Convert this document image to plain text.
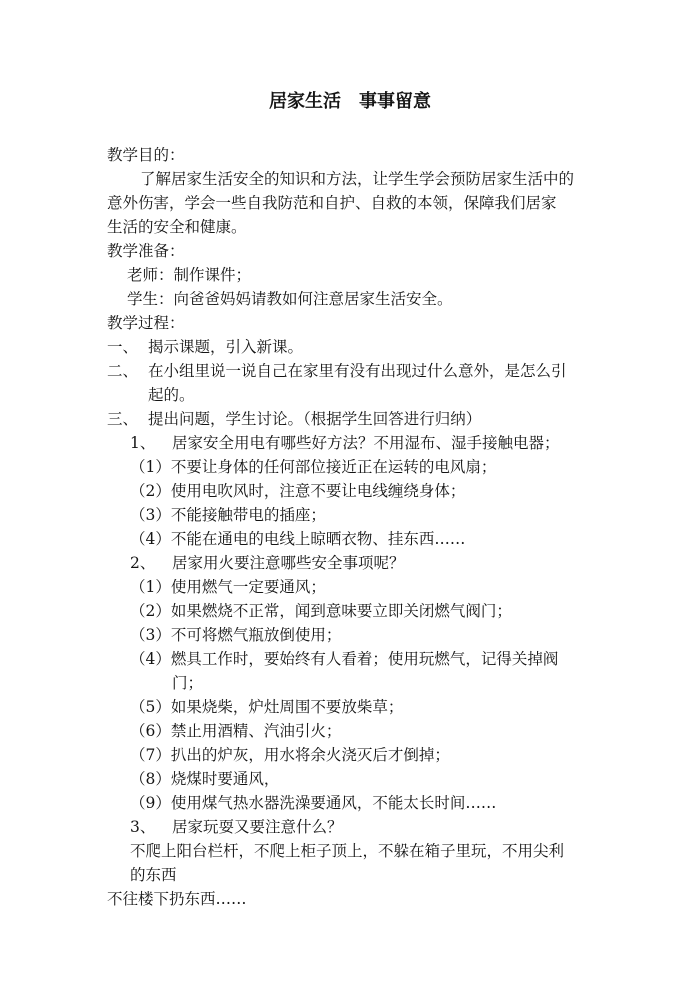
居家生活　事事留意
教学目的：
了解居家生活安全的知识和方法，让学生学会预防居家生活中的
意外伤害，学会一些自我防范和自护、自救的本领，保障我们居家
生活的安全和健康。
教学准备：
老师：制作课件；
学生：向爸爸妈妈请教如何注意居家生活安全。
教学过程：
一、 揭示课题，引入新课。
二、 在小组里说一说自己在家里有没有出现过什么意外，是怎么引
起的。
三、 提出问题，学生讨论。（根据学生回答进行归纳）
1、 居家安全用电有哪些好方法？不用湿布、湿手接触电器；
（1）不要让身体的任何部位接近正在运转的电风扇；
（2）使用电吹风时，注意不要让电线缠绕身体；
（3）不能接触带电的插座；
（4）不能在通电的电线上晾晒衣物、挂东西……
2、 居家用火要注意哪些安全事项呢？
（1）使用燃气一定要通风；
（2）如果燃烧不正常，闻到意味要立即关闭燃气阀门；
（3）不可将燃气瓶放倒使用；
（4）燃具工作时，要始终有人看着；使用玩燃气，记得关掉阀
门；
（5）如果烧柴，炉灶周围不要放柴草；
（6）禁止用酒精、汽油引火；
（7）扒出的炉灰，用水将余火浇灭后才倒掉；
（8）烧煤时要通风，
（9）使用煤气热水器洗澡要通风，不能太长时间……
3、 居家玩耍又要注意什么？
不爬上阳台栏杆，不爬上柜子顶上，不躲在箱子里玩，不用尖利
的东西
不往楼下扔东西……
